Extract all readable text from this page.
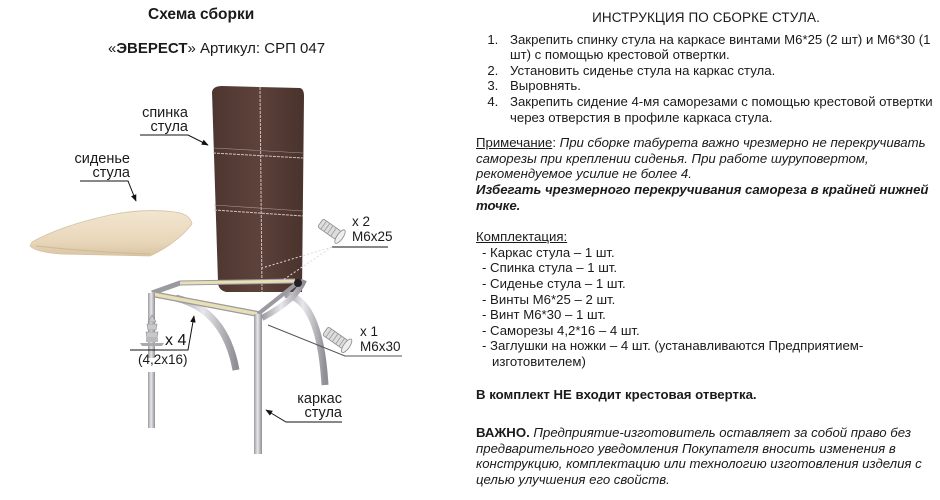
Схема сборки
«ЭВЕРЕСТ» Артикул: СРП 047
спинка
стула
сиденье
стула
каркас
стула
x 2
M6x25
x 1
M6x30
x 4
(4,2x16)
ИНСТРУКЦИЯ ПО СБОРКЕ СТУЛА.
1. Закрепить спинку стула на каркасе винтами М6*25 (2 шт) и М6*30 (1 шт) с помощью крестовой отвертки.
2. Установить сиденье стула на каркас стула.
3. Выровнять.
4. Закрепить сидение 4-мя саморезами с помощью крестовой отвертки через отверстия в профиле каркаса стула.
Примечание: При сборке табурета важно чрезмерно не перекручивать саморезы при креплении сиденья. При работе шуруповертом, рекомендуемое усилие не более 4.
Избегать чрезмерного перекручивания самореза в крайней нижней точке.
Комплектация:
- Каркас стула – 1 шт.
- Спинка стула – 1 шт.
- Сиденье стула – 1 шт.
- Винты М6*25 – 2 шт.
- Винт М6*30 – 1 шт.
- Саморезы 4,2*16 – 4 шт.
- Заглушки на ножки – 4 шт. (устанавливаются Предприятием-изготовителем)
В комплект НЕ входит крестовая отвертка.
ВАЖНО. Предприятие-изготовитель оставляет за собой право без предварительного уведомления Покупателя вносить изменения в конструкцию, комплектацию или технологию изготовления изделия с целью улучшения его свойств.
